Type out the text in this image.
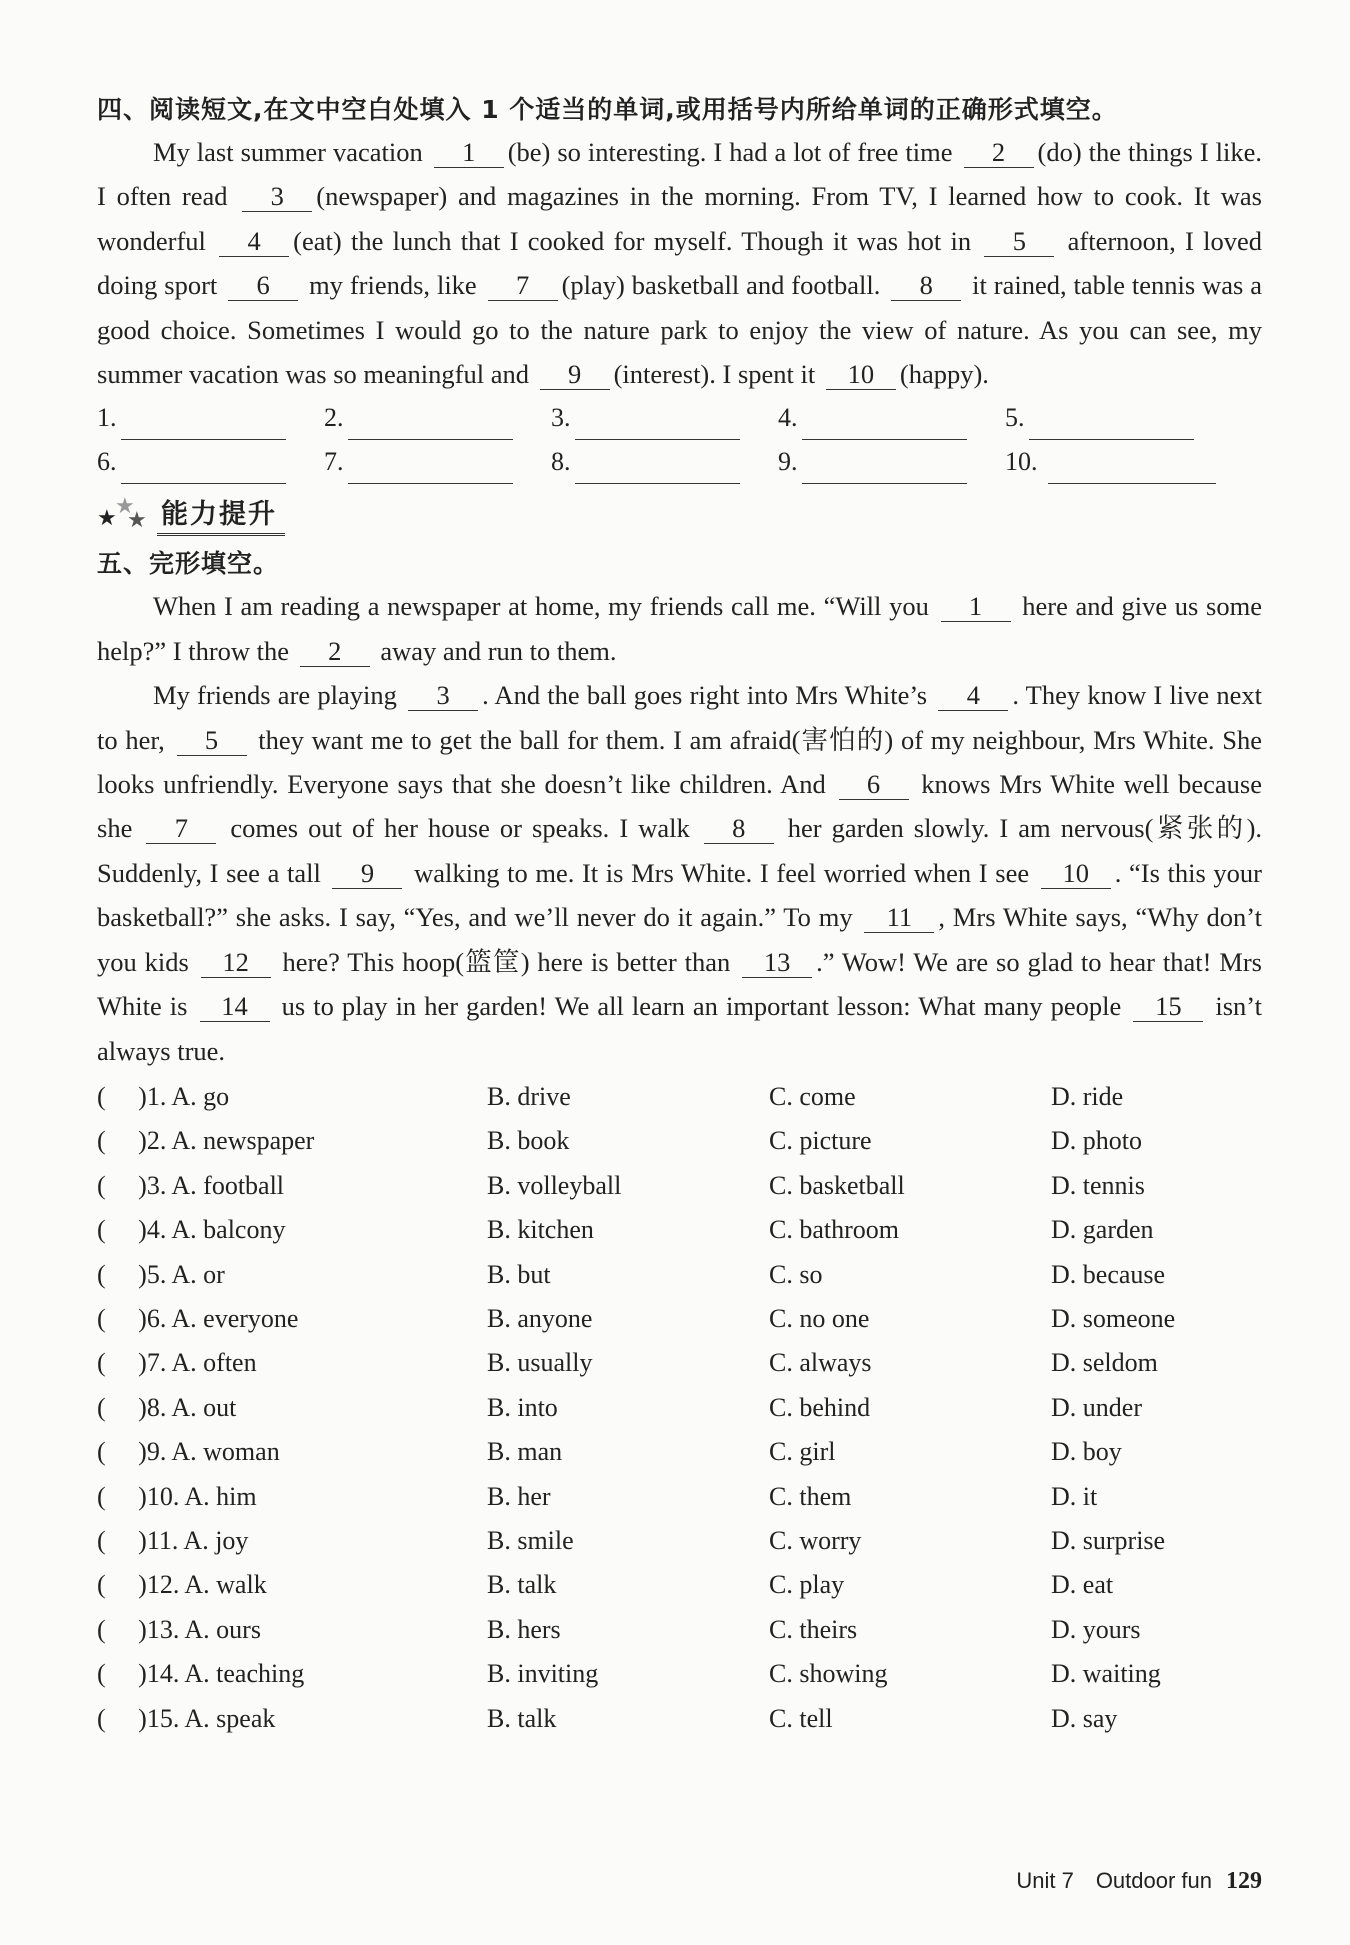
四、阅读短文,在文中空白处填入 1 个适当的单词,或用括号内所给单词的正确形式填空。

My last summer vacation 1 (be) so interesting. I had a lot of free time 2 (do) the things I like. I often read 3 (newspaper) and magazines in the morning. From TV, I learned how to cook. It was wonderful 4 (eat) the lunch that I cooked for myself. Though it was hot in 5 afternoon, I loved doing sport 6 my friends, like 7 (play) basketball and football. 8 it rained, table tennis was a good choice. Sometimes I would go to the nature park to enjoy the view of nature. As you can see, my summer vacation was so meaningful and 9 (interest). I spent it 10 (happy).

1.	2.	3.	4.	5.
6.	7.	8.	9.	10.
★
★
★ 能力提升
五、完形填空。

When I am reading a newspaper at home, my friends call me. “Will you 1 here and give us some help?” I throw the 2 away and run to them.

My friends are playing 3 . And the ball goes right into Mrs White’s 4 . They know I live next to her, 5 they want me to get the ball for them. I am afraid(害怕的) of my neighbour, Mrs White. She looks unfriendly. Everyone says that she doesn’t like children. And 6 knows Mrs White well because she 7 comes out of her house or speaks. I walk 8 her garden slowly. I am nervous(紧张的). Suddenly, I see a tall 9 walking to me. It is Mrs White. I feel worried when I see 10 . “Is this your basketball?” she asks. I say, “Yes, and we’ll never do it again.” To my 11 , Mrs White says, “Why don’t you kids 12 here? This hoop(篮筐) here is better than 13 .” Wow! We are so glad to hear that! Mrs White is 14 us to play in her garden! We all learn an important lesson: What many people 15 isn’t always true.

(     )1. A. go	B. drive	C. come	D. ride
(     )2. A. newspaper	B. book	C. picture	D. photo
(     )3. A. football	B. volleyball	C. basketball	D. tennis
(     )4. A. balcony	B. kitchen	C. bathroom	D. garden
(     )5. A. or	B. but	C. so	D. because
(     )6. A. everyone	B. anyone	C. no one	D. someone
(     )7. A. often	B. usually	C. always	D. seldom
(     )8. A. out	B. into	C. behind	D. under
(     )9. A. woman	B. man	C. girl	D. boy
(     )10. A. him	B. her	C. them	D. it
(     )11. A. joy	B. smile	C. worry	D. surprise
(     )12. A. walk	B. talk	C. play	D. eat
(     )13. A. ours	B. hers	C. theirs	D. yours
(     )14. A. teaching	B. inviting	C. showing	D. waiting
(     )15. A. speak	B. talk	C. tell	D. say
Unit 7 Outdoor fun 129
